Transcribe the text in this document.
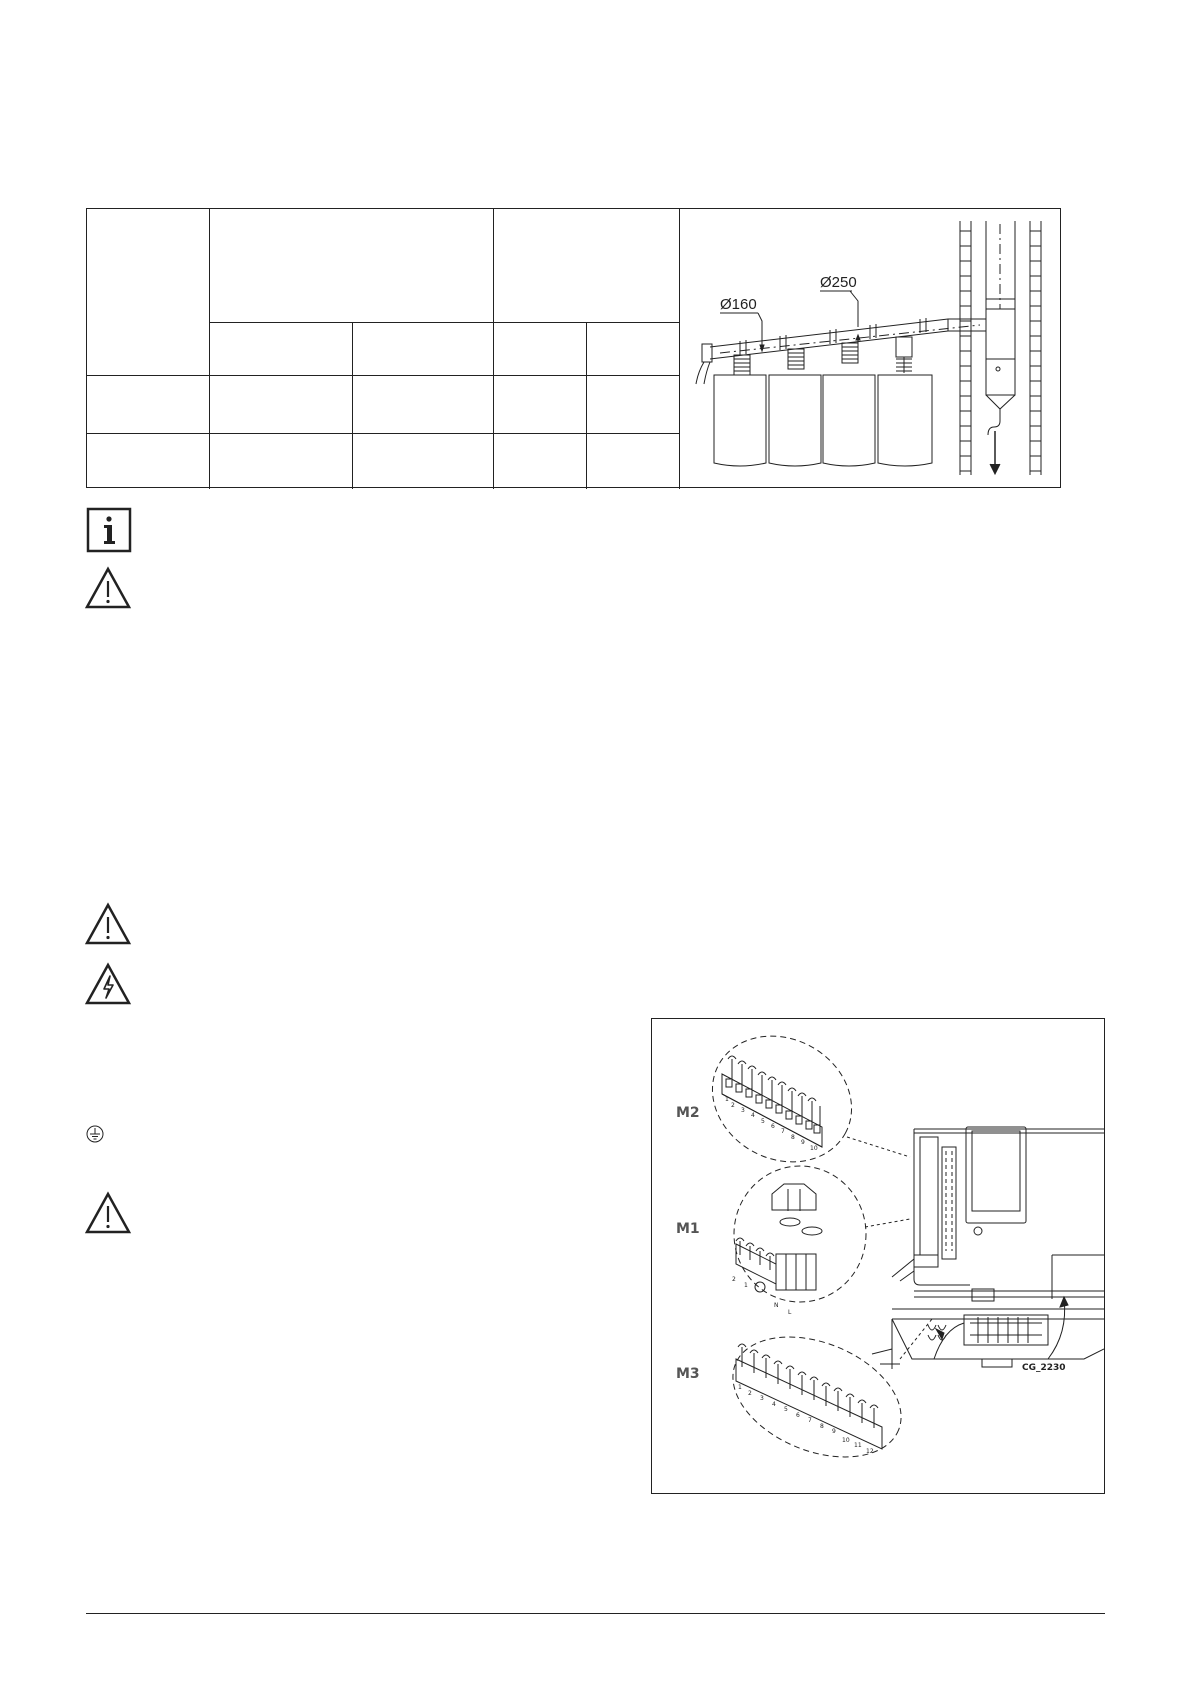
Ø160
Ø250
M2
M1
M3	CG_2230
2
1
N
L
1
2
3
4
5
6
7
8
9
10
1
2
3
4
5
6
7
8
9
10
11
12
